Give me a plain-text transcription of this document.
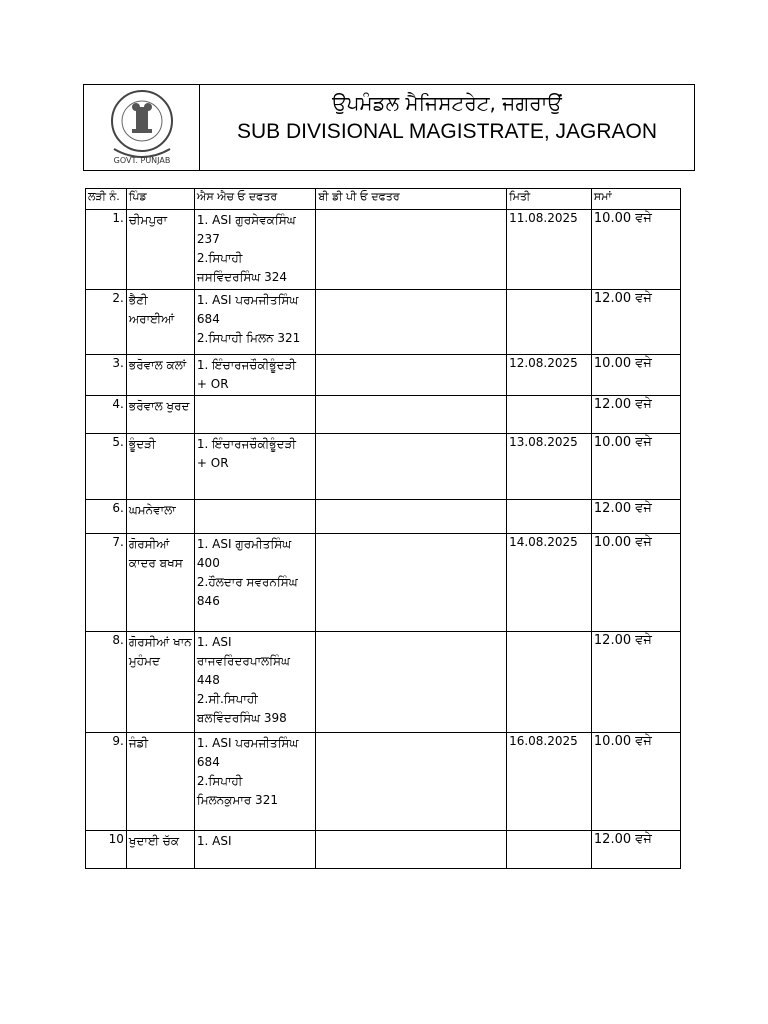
GOVT. PUNJAB
ਉਪਮੰਡਲ ਮੈਜਿਸਟਰੇਟ, ਜਗਰਾਉਂ
SUB DIVISIONAL MAGISTRATE, JAGRAON
ਲੜੀ ਨੰ.	ਪਿੰਡ	ਐਸ ਐਚ ਓ ਦਫਤਰ	ਬੀ ਡੀ ਪੀ ਓ ਦਫਤਰ	ਮਿਤੀ	ਸਮਾਂ
1.	ਚੀਮਪੁਰਾ	1. ASI ਗੁਰਸੇਵਕਸਿੰਘ
237
2.ਸਿਪਾਹੀ
ਜਸਵਿੰਦਰਸਿੰਘ 324		11.08.2025	10.00 ਵਜੇ
2.	ਭੈਣੀ ਅਰਾਈਆਂ	1. ASI ਪਰਮਜੀਤਸਿੰਘ
684
2.ਸਿਪਾਹੀ ਮਿਲਨ 321			12.00 ਵਜੇ
3.	ਭਰੋਵਾਲ ਕਲਾਂ	1. ਇੰਚਾਰਜਚੌਕੀਭੂੰਦੜੀ
+ OR		12.08.2025	10.00 ਵਜੇ
4.	ਭਰੋਵਾਲ ਖੁਰਦ				12.00 ਵਜੇ
5.	ਭੂੰਦੜੀ	1. ਇੰਚਾਰਜਚੌਕੀਭੂੰਦੜੀ
+ OR		13.08.2025	10.00 ਵਜੇ
6.	ਘਮਨੇਵਾਲਾ				12.00 ਵਜੇ
7.	ਗੋਰਸੀਆਂ ਕਾਦਰ ਬਖਸ	1. ASI ਗੁਰਮੀਤਸਿੰਘ
400
2.ਹੌਲਦਾਰ ਸਵਰਨਸਿੰਘ
846		14.08.2025	10.00 ਵਜੇ
8.	ਗੋਰਸੀਆਂ ਖਾਨ ਮੁਹੰਮਦ	1. ASI
ਰਾਜਵਰਿੰਦਰਪਾਲਸਿੰਘ
448
2.ਸੀ.ਸਿਪਾਹੀ
ਬਲਵਿੰਦਰਸਿੰਘ 398			12.00 ਵਜੇ
9.	ਜੰਡੀ	1. ASI ਪਰਮਜੀਤਸਿੰਘ
684
2.ਸਿਪਾਹੀ
ਮਿਲਨਕੁਮਾਰ 321		16.08.2025	10.00 ਵਜੇ
10	ਖੁਦਾਈ ਚੱਕ	1. ASI			12.00 ਵਜੇ
